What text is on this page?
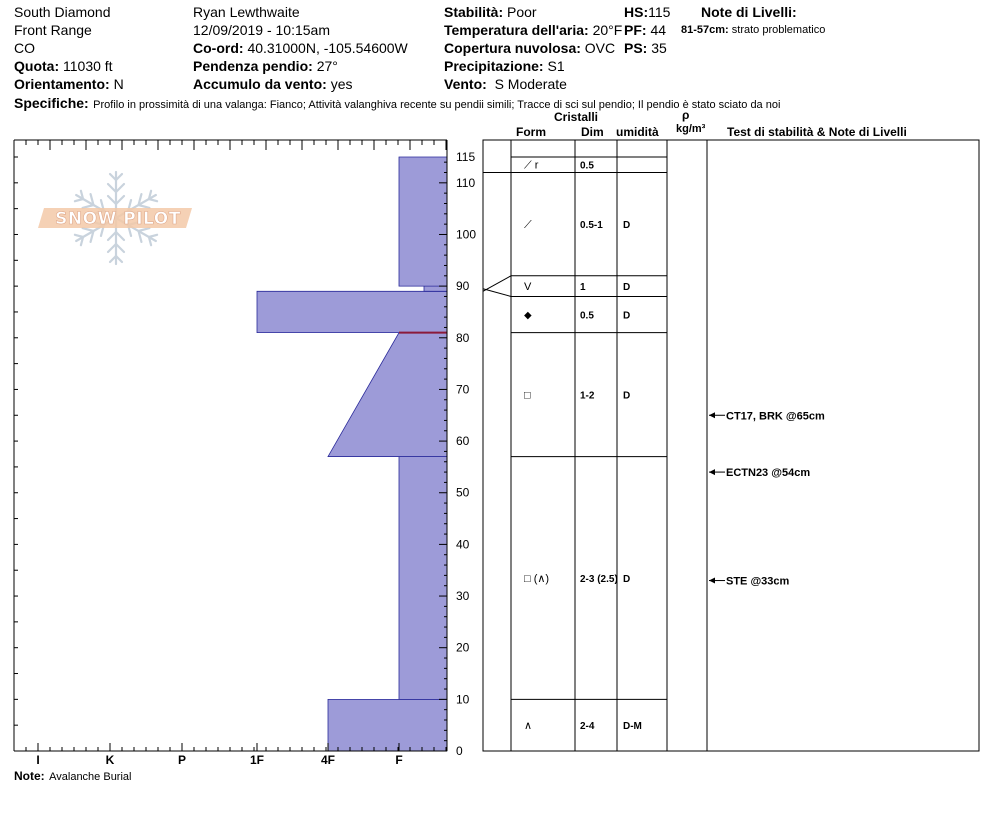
South Diamond
Front Range
CO
Quota: 11030 ft
Orientamento: N
Ryan Lewthwaite
12/09/2019 - 10:15am
Co-ord: 40.31000N, -105.54600W
Pendenza pendio: 27°
Accumulo da vento: yes
Stabilità: Poor
Temperatura dell'aria: 20°F
Copertura nuvolosa: OVC
Precipitazione: S1
Vento: S Moderate
HS:115
PF: 44
PS: 35
Note di Livelli:
81-57cm: strato problematico
Specifiche: Profilo in prossimità di una valanga: Fianco; Attività valanghiva recente su pendii simili; Tracce di sci sul pendio; Il pendio è stato sciato da noi
Cristalli
Form	Dim umidità
ρ
kg/m³ Test di stabilità & Note di Livelli
Note: Avalanche Burial
SNOW PILOT
0
10
20
30
40
50
60
70
80
90
100
110
115
I	K	P	1F	4F	F
⟋ r	0.5
⟋	0.5-1 D
V	1	D
⬥	0.5	D
□	1-2	D
□ (∧)	2-3 (2.5) D
∧	2-4	D-M
CT17, BRK @65cm
ECTN23 @54cm
STE @33cm
